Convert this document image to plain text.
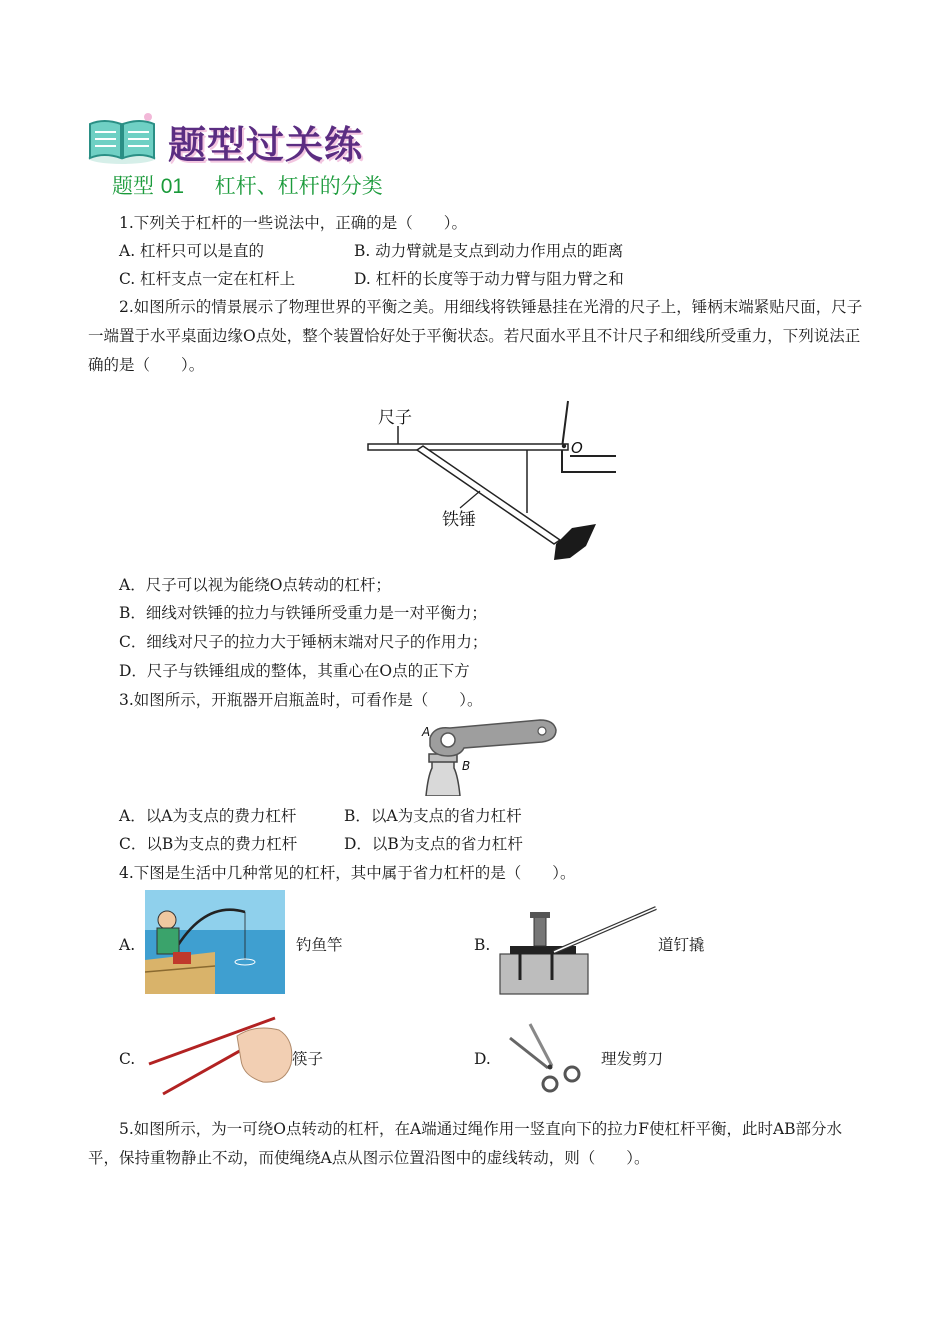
题型过关练
题型 01 杠杆、杠杆的分类
1.下列关于杠杆的一些说法中，正确的是（　　）。
A. 杠杆只可以是直的	B. 动力臂就是支点到动力作用点的距离
C. 杠杆支点一定在杠杆上	D. 杠杆的长度等于动力臂与阻力臂之和
2.如图所示的情景展示了物理世界的平衡之美。用细线将铁锤悬挂在光滑的尺子上，锤柄末端紧贴尺面，尺子一端置于水平桌面边缘O点处，整个装置恰好处于平衡状态。若尺面水平且不计尺子和细线所受重力，下列说法正确的是（　　）。
O
尺子
铁锤
A．尺子可以视为能绕O点转动的杠杆；
B．细线对铁锤的拉力与铁锤所受重力是一对平衡力；
C．细线对尺子的拉力大于锤柄末端对尺子的作用力；
D．尺子与铁锤组成的整体，其重心在O点的正下方
3.如图所示，开瓶器开启瓶盖时，可看作是（　　）。
A
B
A．以A为支点的费力杠杆	B．以A为支点的省力杠杆
C．以B为支点的费力杠杆	D．以B为支点的省力杠杆
4.下图是生活中几种常见的杠杆，其中属于省力杠杆的是（　　）。
A.	钓鱼竿	B.	道钉撬
C.	筷子	D.	理发剪刀
5.如图所示，为一可绕O点转动的杠杆，在A端通过绳作用一竖直向下的拉力F使杠杆平衡，此时AB部分水平，保持重物静止不动，而使绳绕A点从图示位置沿图中的虚线转动，则（　　）。
